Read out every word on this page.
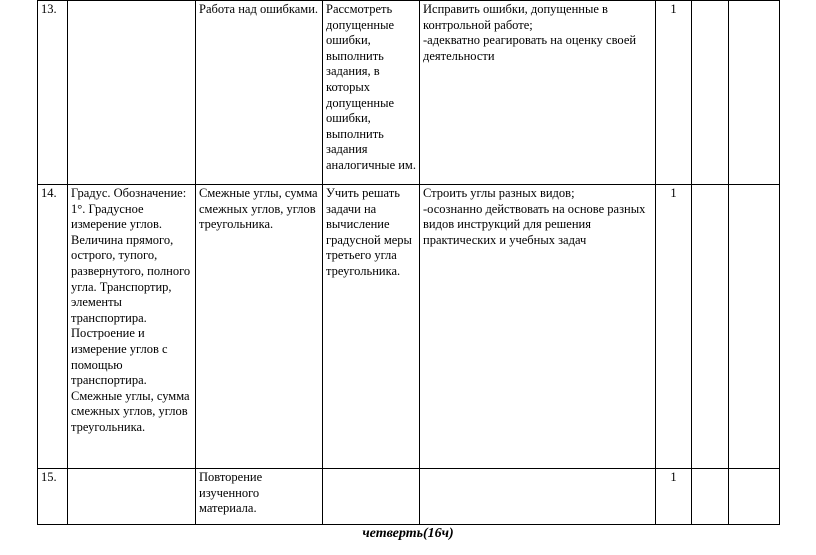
13.		Работа над ошибками.	Рассмотреть допущенные ошибки, выполнить задания, в которых допущенные ошибки, выполнить задания аналогичные им.	Исправить ошибки, допущенные в контрольной работе;
-адекватно реагировать на оценку своей деятельности	1		
14.	Градус. Обозначение: 1°. Градусное измерение углов. Величина прямого, острого, тупого, развернутого, полного угла. Транспортир, элементы транспортира. Построение и измерение углов с помощью транспортира. Смежные углы, сумма смежных углов, углов треугольника.	Смежные углы, сумма смежных углов, углов треугольника.	Учить решать задачи на вычисление градусной меры третьего угла треугольника.	Строить углы разных видов;
-осознанно действовать на основе разных видов инструкций для решения практических и учебных задач	1		
15.		Повторение изученного материала.			1		
четверть(16ч)
